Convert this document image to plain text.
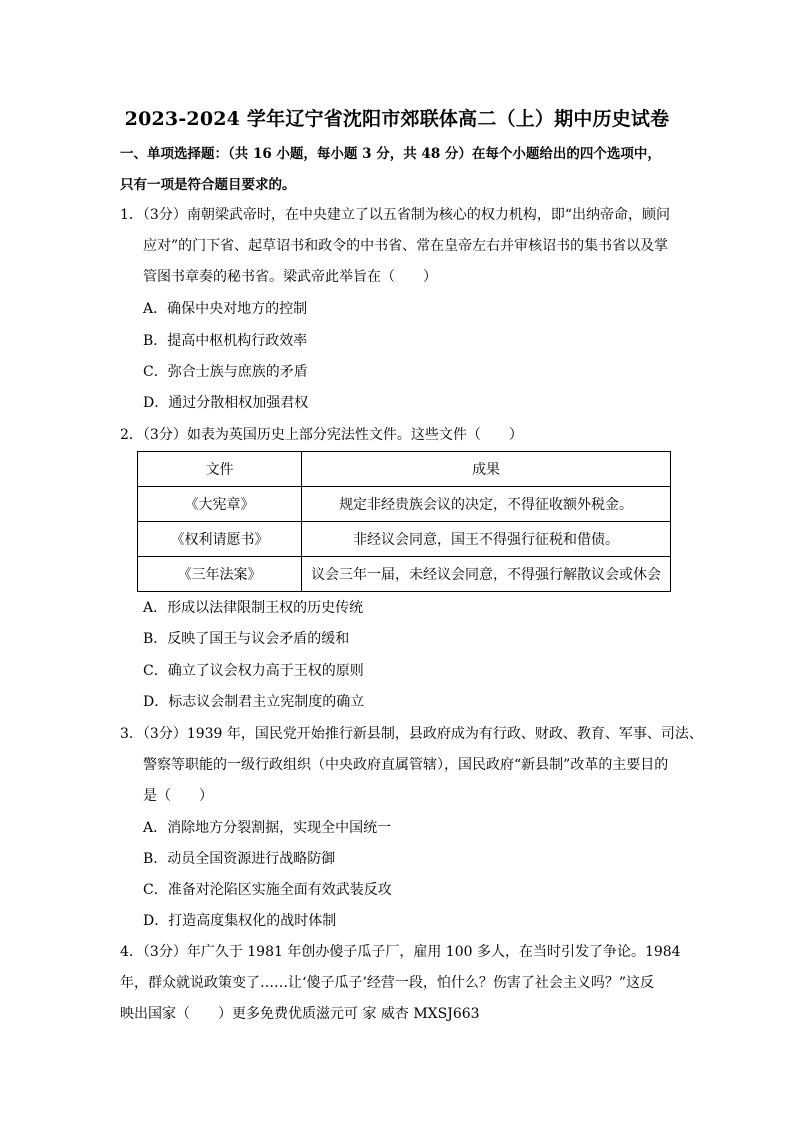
2023-2024 学年辽宁省沈阳市郊联体高二（上）期中历史试卷
一、单项选择题：（共 16 小题，每小题 3 分，共 48 分）在每个小题给出的四个选项中，
只有一项是符合题目要求的。
1．（3分）南朝梁武帝时，在中央建立了以五省制为核心的权力机构，即“出纳帝命，顾问
应对”的门下省、起草诏书和政令的中书省、常在皇帝左右并审核诏书的集书省以及掌
管图书章奏的秘书省。梁武帝此举旨在（　　）
A．确保中央对地方的控制
B．提高中枢机构行政效率
C．弥合士族与庶族的矛盾
D．通过分散相权加强君权
2．（3分）如表为英国历史上部分宪法性文件。这些文件（　　）
文件	成果
《大宪章》	规定非经贵族会议的决定，不得征收额外税金。
《权利请愿书》	非经议会同意，国王不得强行征税和借债。
《三年法案》	议会三年一届，未经议会同意，不得强行解散议会或休会
A．形成以法律限制王权的历史传统
B．反映了国王与议会矛盾的缓和
C．确立了议会权力高于王权的原则
D．标志议会制君主立宪制度的确立
3．（3分）1939 年，国民党开始推行新县制，县政府成为有行政、财政、教育、军事、司法、
警察等职能的一级行政组织（中央政府直属管辖），国民政府“新县制”改革的主要目的
是（　　）
A．消除地方分裂割据，实现全中国统一
B．动员全国资源进行战略防御
C．准备对沦陷区实施全面有效武装反攻
D．打造高度集权化的战时体制
4．（3分）年广久于 1981 年创办傻子瓜子厂，雇用 100 多人，在当时引发了争论。1984
年，群众就说政策变了……让‘傻子瓜子’经营一段，怕什么？伤害了社会主义吗？”这反
映出国家（　　）更多免费优质滋元可 家 威杏 MXSJ663
